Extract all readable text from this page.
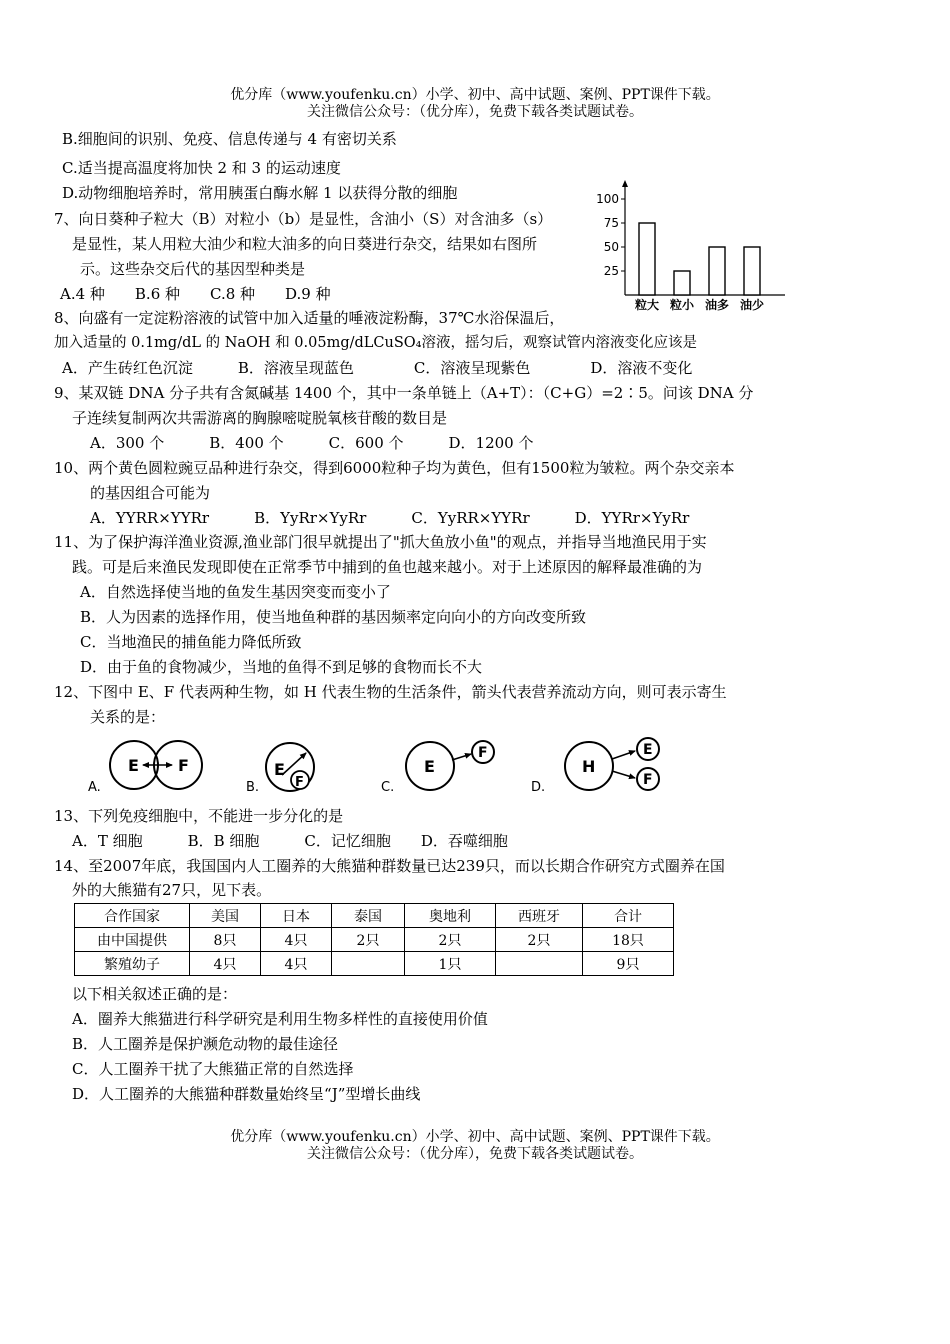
优分库（www.youfenku.cn）小学、初中、高中试题、案例、PPT课件下载。
关注微信公众号：（优分库），免费下载各类试题试卷。
B.细胞间的识别、免疫、信息传递与 4 有密切关系
C.适当提高温度将加快 2 和 3 的运动速度
D.动物细胞培养时，常用胰蛋白酶水解 1 以获得分散的细胞
7、向日葵种子粒大（B）对粒小（b）是显性，含油小（S）对含油多（s）
是显性，某人用粒大油少和粒大油多的向日葵进行杂交，结果如右图所
示。这些杂交后代的基因型种类是
A.4 种　　B.6 种　　C.8 种　　D.9 种
100
75
50
25
粒大 粒小 油多 油少
8、向盛有一定淀粉溶液的试管中加入适量的唾液淀粉酶，37℃水浴保温后，
加入适量的 0.1mg/dL 的 NaOH 和 0.05mg/dLCuSO₄溶液，摇匀后，观察试管内溶液变化应该是
A．产生砖红色沉淀　　　B．溶液呈现蓝色　　　　C．溶液呈现紫色　　　　D．溶液不变化
9、某双链 DNA 分子共有含氮碱基 1400 个，其中一条单链上（A+T）：（C+G）=2∶5。问该 DNA 分
子连续复制两次共需游离的胸腺嘧啶脱氧核苷酸的数目是
A．300 个　　　B．400 个　　　C．600 个　　　D．1200 个
10、两个黄色圆粒豌豆品种进行杂交，得到6000粒种子均为黄色，但有1500粒为皱粒。两个杂交亲本
的基因组合可能为
A．YYRR×YYRr　　　B．YyRr×YyRr　　　C．YyRR×YYRr　　　D．YYRr×YyRr
11、为了保护海洋渔业资源,渔业部门很早就提出了"抓大鱼放小鱼"的观点，并指导当地渔民用于实
践。可是后来渔民发现即使在正常季节中捕到的鱼也越来越小。对于上述原因的解释最准确的为
A．自然选择使当地的鱼发生基因突变而变小了
B．人为因素的选择作用，使当地鱼种群的基因频率定向向小的方向改变所致
C．当地渔民的捕鱼能力降低所致
D．由于鱼的食物减少，当地的鱼得不到足够的食物而长不大
12、下图中 E、F 代表两种生物，如 H 代表生物的生活条件，箭头代表营养流动方向，则可表示寄生
关系的是：
A.
E F
B.
E
F	C.
E
F
D.
H
E
F
13、下列免疫细胞中，不能进一步分化的是
A．T 细胞　　　B．B 细胞　　　C．记忆细胞　　D．吞噬细胞
14、至2007年底，我国国内人工圈养的大熊猫种群数量已达239只，而以长期合作研究方式圈养在国
外的大熊猫有27只，见下表。
合作国家	美国	日本	泰国	奥地利	西班牙	合计
由中国提供	8只	4只	2只	2只	2只	18只
繁殖幼子	4只	4只		1只		9只
以下相关叙述正确的是：
A．圈养大熊猫进行科学研究是利用生物多样性的直接使用价值
B．人工圈养是保护濒危动物的最佳途径
C．人工圈养干扰了大熊猫正常的自然选择
D．人工圈养的大熊猫种群数量始终呈“J”型增长曲线
优分库（www.youfenku.cn）小学、初中、高中试题、案例、PPT课件下载。
关注微信公众号：（优分库），免费下载各类试题试卷。
